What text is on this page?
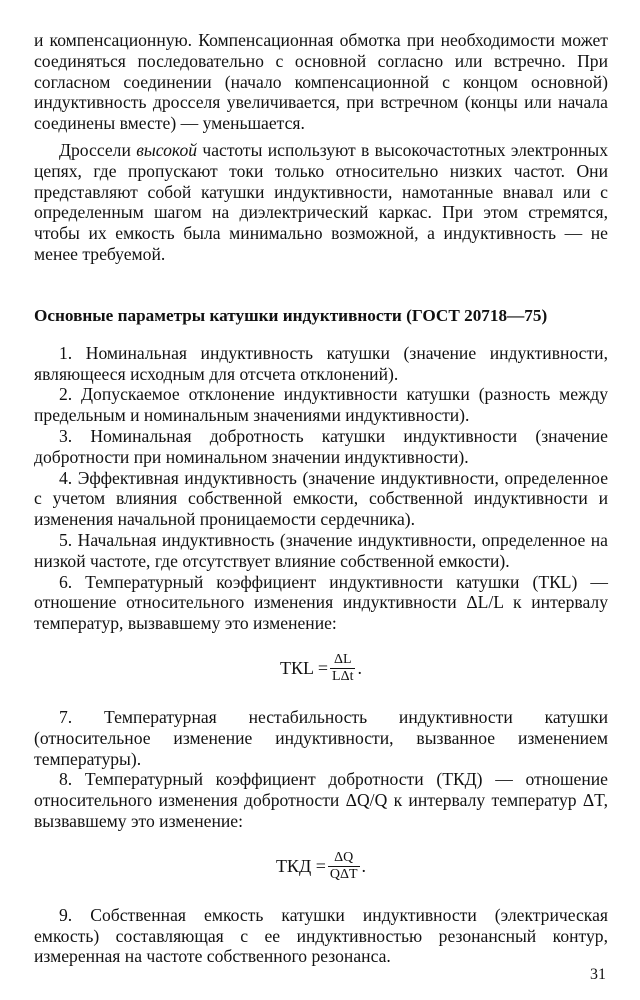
и компенсационную. Компенсационная обмотка при необходимости может соединяться последовательно с основной согласно или встречно. При согласном соединении (начало компенсационной с концом основной) индуктивность дросселя увеличивается, при встречном (концы или начала соединены вместе) — уменьшается.

Дроссели высокой частоты используют в высокочастотных электронных цепях, где пропускают токи только относительно низких частот. Они представляют собой катушки индуктивности, намотанные внавал или с определенным шагом на диэлектрический каркас. При этом стремятся, чтобы их емкость была минимально возможной, а индуктивность — не менее требуемой.

Основные параметры катушки индуктивности (ГОСТ 20718—75)

1. Номинальная индуктивность катушки (значение индуктивности, являющееся исходным для отсчета отклонений).

2. Допускаемое отклонение индуктивности катушки (разность между предельным и номинальным значениями индуктивности).

3. Номинальная добротность катушки индуктивности (значение добротности при номинальном значении индуктивности).

4. Эффективная индуктивность (значение индуктивности, определенное с учетом влияния собственной емкости, собственной индуктивности и изменения начальной проницаемости сердечника).

5. Начальная индуктивность (значение индуктивности, определенное на низкой частоте, где отсутствует влияние собственной емкости).

6. Температурный коэффициент индуктивности катушки (ТКL) — отношение относительного изменения индуктивности ΔL/L к интервалу температур, вызвавшему это изменение:

ТКL = $\frac{\Delta L}{\text{LΔt}}$ .

7. Температурная нестабильность индуктивности катушки (относительное изменение индуктивности, вызванное изменением температуры).

8. Температурный коэффициент добротности (ТКД) — отношение относительного изменения добротности ΔQ/Q к интервалу температур ΔT, вызвавшему это изменение:

ТКД = $\frac{\Delta Q}{\text{QΔT}}$ .

9. Собственная емкость катушки индуктивности (электрическая емкость) составляющая с ее индуктивностью резонансный контур, измеренная на частоте собственного резонанса.

31
